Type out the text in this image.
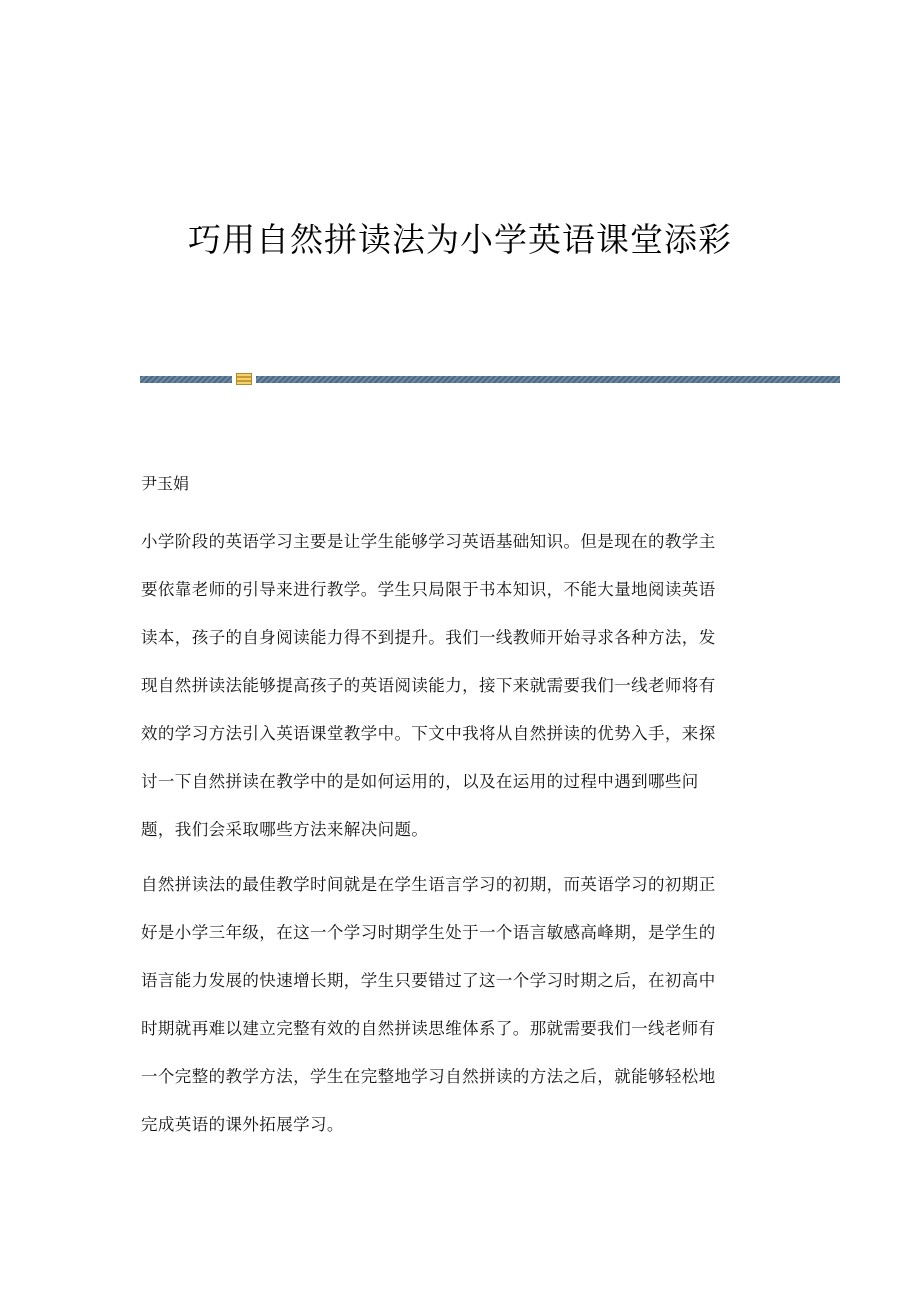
巧用自然拼读法为小学英语课堂添彩

尹玉娟

小学阶段的英语学习主要是让学生能够学习英语基础知识。但是现在的教学主
要依靠老师的引导来进行教学。学生只局限于书本知识，不能大量地阅读英语
读本，孩子的自身阅读能力得不到提升。我们一线教师开始寻求各种方法，发
现自然拼读法能够提高孩子的英语阅读能力，接下来就需要我们一线老师将有
效的学习方法引入英语课堂教学中。下文中我将从自然拼读的优势入手，来探
讨一下自然拼读在教学中的是如何运用的，以及在运用的过程中遇到哪些问
题，我们会采取哪些方法来解决问题。
自然拼读法的最佳教学时间就是在学生语言学习的初期，而英语学习的初期正
好是小学三年级，在这一个学习时期学生处于一个语言敏感高峰期，是学生的
语言能力发展的快速增长期，学生只要错过了这一个学习时期之后，在初高中
时期就再难以建立完整有效的自然拼读思维体系了。那就需要我们一线老师有
一个完整的教学方法，学生在完整地学习自然拼读的方法之后，就能够轻松地
完成英语的课外拓展学习。
